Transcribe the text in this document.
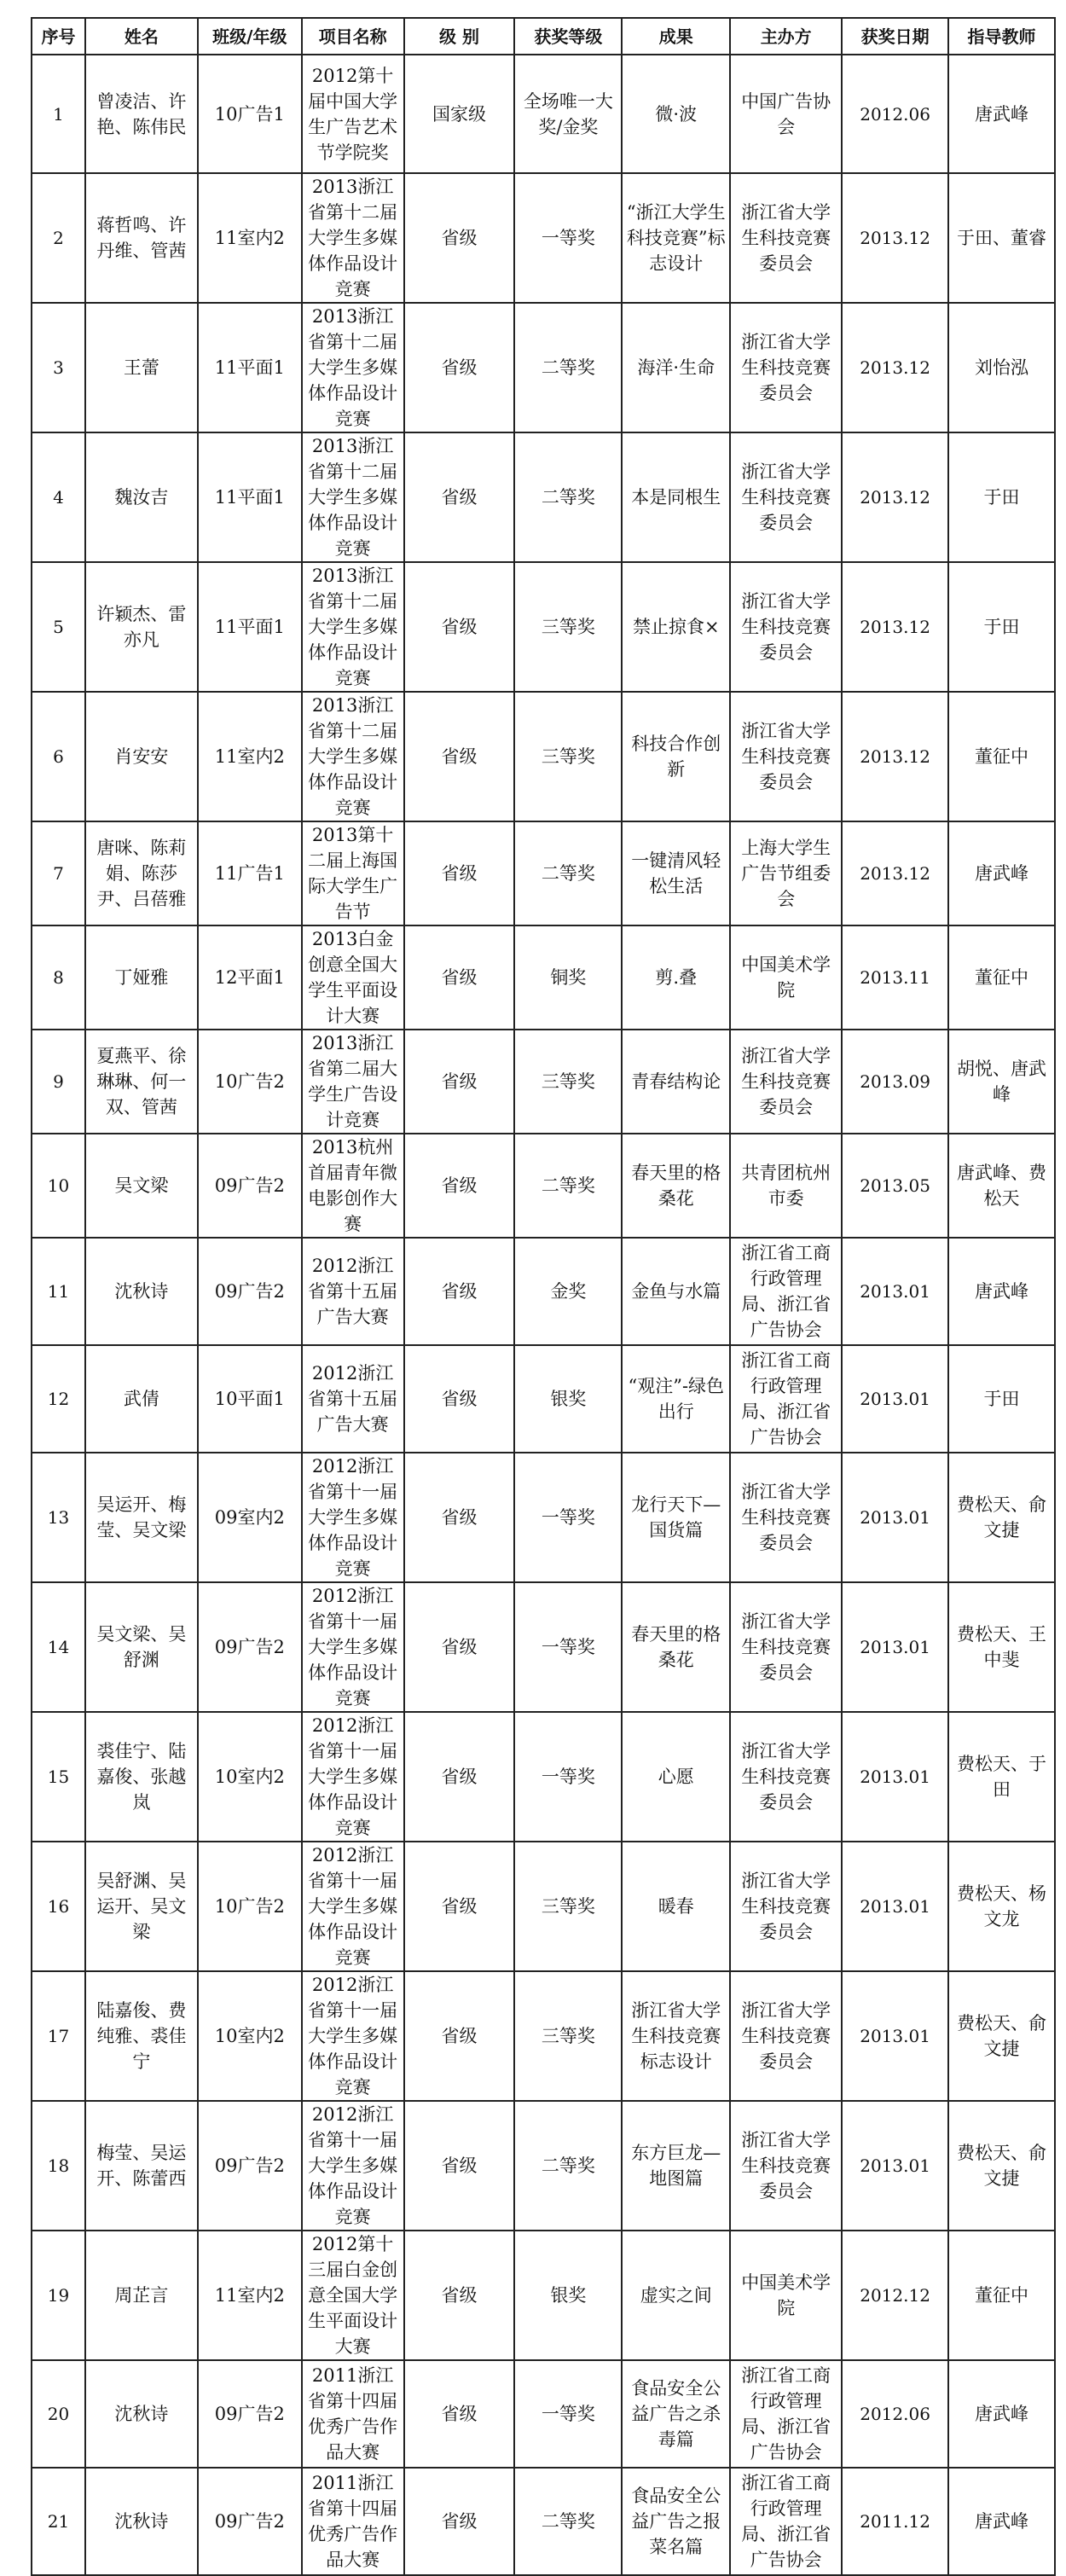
序号	姓名	班级/年级	项目名称	级 别	获奖等级	成果	主办方	获奖日期	指导教师
1	曾凌洁、许艳、陈伟民	10广告1	2012第十届中国大学生广告艺术节学院奖	国家级	全场唯一大奖/金奖	微·波	中国广告协会	2012.06	唐武峰
2	蒋哲鸣、许丹维、管茜	11室内2	2013浙江省第十二届大学生多媒体作品设计竞赛	省级	一等奖	“浙江大学生科技竞赛”标志设计	浙江省大学生科技竞赛委员会	2013.12	于田、董睿
3	王蕾	11平面1	2013浙江省第十二届大学生多媒体作品设计竞赛	省级	二等奖	海洋·生命	浙江省大学生科技竞赛委员会	2013.12	刘怡泓
4	魏汝吉	11平面1	2013浙江省第十二届大学生多媒体作品设计竞赛	省级	二等奖	本是同根生	浙江省大学生科技竞赛委员会	2013.12	于田
5	许颖杰、雷亦凡	11平面1	2013浙江省第十二届大学生多媒体作品设计竞赛	省级	三等奖	禁止掠食×	浙江省大学生科技竞赛委员会	2013.12	于田
6	肖安安	11室内2	2013浙江省第十二届大学生多媒体作品设计竞赛	省级	三等奖	科技合作创新	浙江省大学生科技竞赛委员会	2013.12	董征中
7	唐咪、陈莉娟、陈莎尹、吕蓓雅	11广告1	2013第十二届上海国际大学生广告节	省级	二等奖	一键清风轻松生活	上海大学生广告节组委会	2013.12	唐武峰
8	丁娅雅	12平面1	2013白金创意全国大学生平面设计大赛	省级	铜奖	剪.叠	中国美术学院	2013.11	董征中
9	夏燕平、徐琳琳、何一双、管茜	10广告2	2013浙江省第二届大学生广告设计竞赛	省级	三等奖	青春结构论	浙江省大学生科技竞赛委员会	2013.09	胡悦、唐武峰
10	吴文梁	09广告2	2013杭州首届青年微电影创作大赛	省级	二等奖	春天里的格桑花	共青团杭州市委	2013.05	唐武峰、费松天
11	沈秋诗	09广告2	2012浙江省第十五届广告大赛	省级	金奖	金鱼与水篇	浙江省工商行政管理局、浙江省广告协会	2013.01	唐武峰
12	武倩	10平面1	2012浙江省第十五届广告大赛	省级	银奖	“观注”-绿色出行	浙江省工商行政管理局、浙江省广告协会	2013.01	于田
13	吴运开、梅莹、吴文梁	09室内2	2012浙江省第十一届大学生多媒体作品设计竞赛	省级	一等奖	龙行天下—国货篇	浙江省大学生科技竞赛委员会	2013.01	费松天、俞文捷
14	吴文梁、吴舒渊	09广告2	2012浙江省第十一届大学生多媒体作品设计竞赛	省级	一等奖	春天里的格桑花	浙江省大学生科技竞赛委员会	2013.01	费松天、王中斐
15	裘佳宁、陆嘉俊、张越岚	10室内2	2012浙江省第十一届大学生多媒体作品设计竞赛	省级	一等奖	心愿	浙江省大学生科技竞赛委员会	2013.01	费松天、于田
16	吴舒渊、吴运开、吴文梁	10广告2	2012浙江省第十一届大学生多媒体作品设计竞赛	省级	三等奖	暖春	浙江省大学生科技竞赛委员会	2013.01	费松天、杨文龙
17	陆嘉俊、费纯雅、裘佳宁	10室内2	2012浙江省第十一届大学生多媒体作品设计竞赛	省级	三等奖	浙江省大学生科技竞赛标志设计	浙江省大学生科技竞赛委员会	2013.01	费松天、俞文捷
18	梅莹、吴运开、陈蕾西	09广告2	2012浙江省第十一届大学生多媒体作品设计竞赛	省级	二等奖	东方巨龙—地图篇	浙江省大学生科技竞赛委员会	2013.01	费松天、俞文捷
19	周芷言	11室内2	2012第十三届白金创意全国大学生平面设计大赛	省级	银奖	虚实之间	中国美术学院	2012.12	董征中
20	沈秋诗	09广告2	2011浙江省第十四届优秀广告作品大赛	省级	一等奖	食品安全公益广告之杀毒篇	浙江省工商行政管理局、浙江省广告协会	2012.06	唐武峰
21	沈秋诗	09广告2	2011浙江省第十四届优秀广告作品大赛	省级	二等奖	食品安全公益广告之报菜名篇	浙江省工商行政管理局、浙江省广告协会	2011.12	唐武峰
